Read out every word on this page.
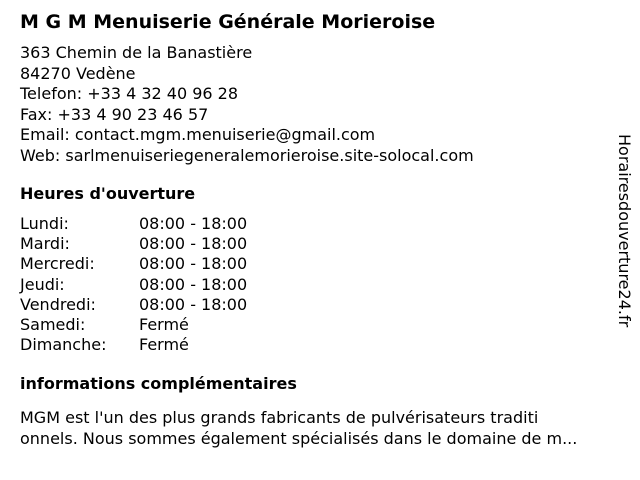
M G M Menuiserie Générale Morieroise
363 Chemin de la Banastière
84270 Vedène
Telefon: +33 4 32 40 96 28
Fax: +33 4 90 23 46 57
Email: contact.mgm.menuiserie@gmail.com
Web: sarlmenuiseriegeneralemorieroise.site-solocal.com
Heures d'ouverture
Lundi:	08:00 - 18:00
Mardi:	08:00 - 18:00
Mercredi:	08:00 - 18:00
Jeudi:	08:00 - 18:00
Vendredi:	08:00 - 18:00
Samedi:	Fermé
Dimanche:	Fermé
informations complémentaires
MGM est l'un des plus grands fabricants de pulvérisateurs traditi
onnels. Nous sommes également spécialisés dans le domaine de m...
Horairesdouverture24.fr
